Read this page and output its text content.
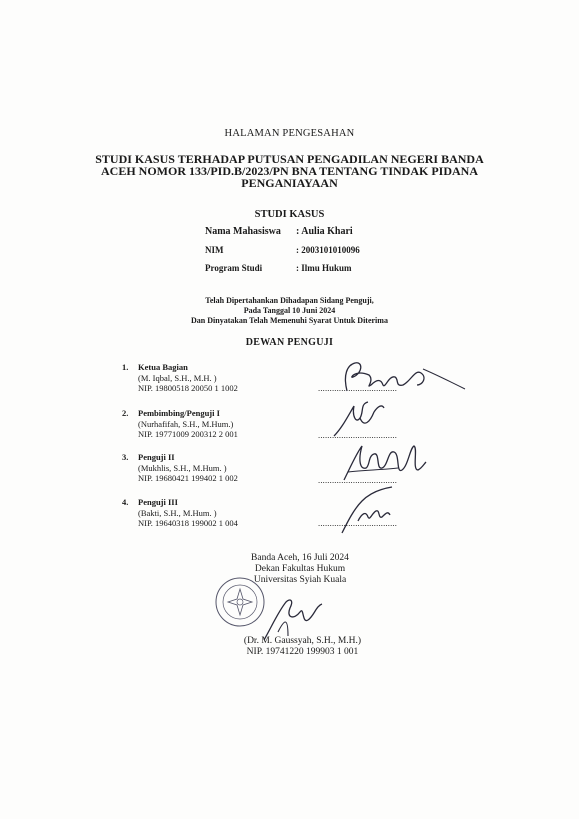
HALAMAN PENGESAHAN
STUDI KASUS TERHADAP PUTUSAN PENGADILAN NEGERI BANDA
ACEH NOMOR 133/PID.B/2023/PN BNA TENTANG TINDAK PIDANA
PENGANIAYAAN
STUDI KASUS
Nama Mahasiswa : Aulia Khari
NIM	: 2003101010096
Program Studi	: Ilmu Hukum
Telah Dipertahankan Dihadapan Sidang Penguji,
Pada Tanggal 10 Juni 2024
Dan Dinyatakan Telah Memenuhi Syarat Untuk Diterima
DEWAN PENGUJI
1. Ketua Bagian
(M. Iqbal, S.H., M.H. )
NIP. 19800518 20050 1 1002	..................................
2. Pembimbing/Penguji I
(Nurhafifah, S.H., M.Hum.)
NIP. 19771009 200312 2 001	..................................
3. Penguji II
(Mukhlis, S.H., M.Hum. )
NIP. 19680421 199402 1 002	..................................
4. Penguji III
(Bakti, S.H., M.Hum. )
NIP. 19640318 199002 1 004	..................................
Banda Aceh, 16 Juli 2024
Dekan Fakultas Hukum
Universitas Syiah Kuala
(Dr. M. Gaussyah, S.H., M.H.)
NIP. 19741220 199903 1 001
